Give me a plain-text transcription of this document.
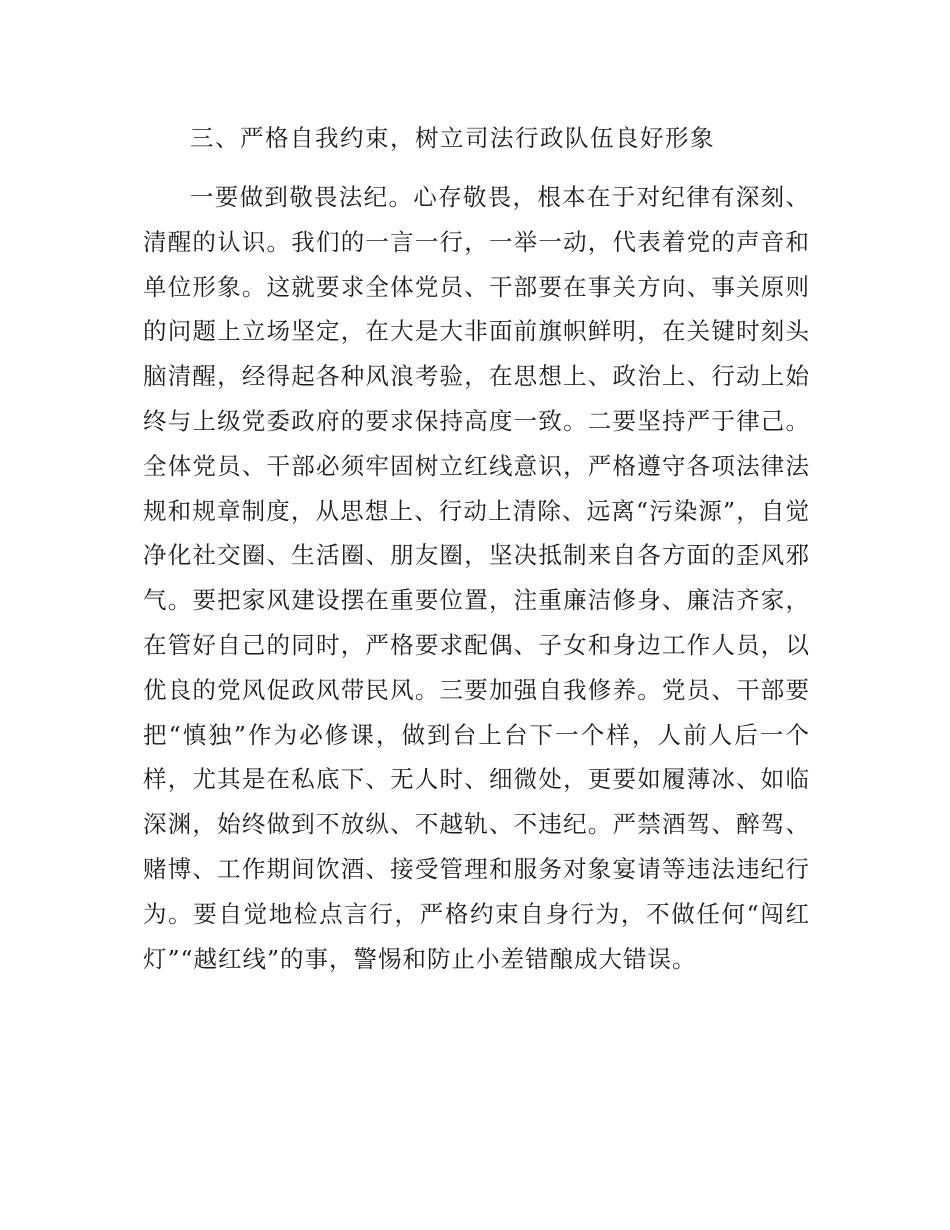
三、严格自我约束，树立司法行政队伍良好形象

一要做到敬畏法纪。心存敬畏，根本在于对纪律有深刻、清醒的认识。我们的一言一行，一举一动，代表着党的声音和单位形象。这就要求全体党员、干部要在事关方向、事关原则的问题上立场坚定，在大是大非面前旗帜鲜明，在关键时刻头脑清醒，经得起各种风浪考验，在思想上、政治上、行动上始终与上级党委政府的要求保持高度一致。二要坚持严于律己。全体党员、干部必须牢固树立红线意识，严格遵守各项法律法规和规章制度，从思想上、行动上清除、远离“污染源”，自觉净化社交圈、生活圈、朋友圈，坚决抵制来自各方面的歪风邪气。要把家风建设摆在重要位置，注重廉洁修身、廉洁齐家，在管好自己的同时，严格要求配偶、子女和身边工作人员，以优良的党风促政风带民风。三要加强自我修养。党员、干部要把“慎独”作为必修课，做到台上台下一个样，人前人后一个样，尤其是在私底下、无人时、细微处，更要如履薄冰、如临深渊，始终做到不放纵、不越轨、不违纪。严禁酒驾、醉驾、赌博、工作期间饮酒、接受管理和服务对象宴请等违法违纪行为。要自觉地检点言行，严格约束自身行为，不做任何“闯红灯”“越红线”的事，警惕和防止小差错酿成大错误。
